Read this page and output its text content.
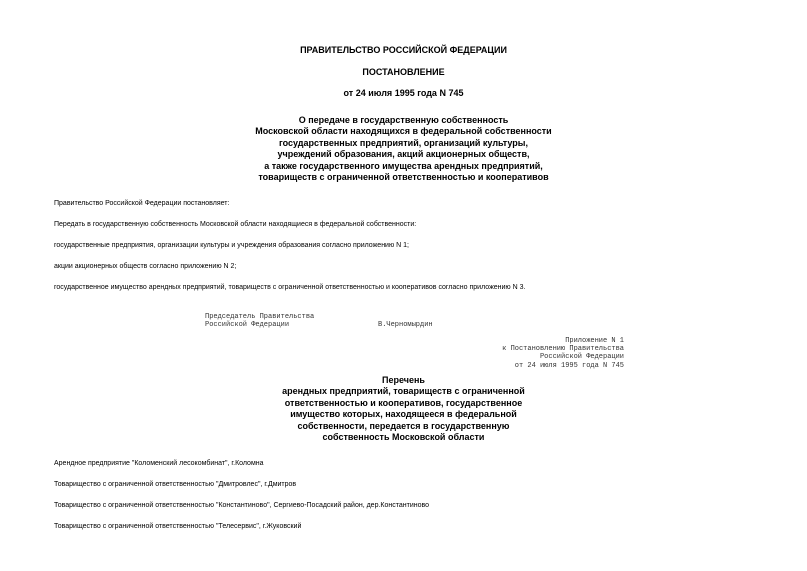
ПРАВИТЕЛЬСТВО РОССИЙСКОЙ ФЕДЕРАЦИИ
ПОСТАНОВЛЕНИЕ
от 24 июля 1995 года N 745
О передаче в государственную собственность
Московской области находящихся в федеральной собственности
государственных предприятий, организаций культуры,
учреждений образования, акций акционерных обществ,
а также государственного имущества арендных предприятий,
товариществ с ограниченной ответственностью и кооперативов
Правительство Российской Федерации постановляет:
Передать в государственную собственность Московской области находящиеся в федеральной собственности:
государственные предприятия, организации культуры и учреждения образования согласно приложению N 1;
акции акционерных обществ согласно приложению N 2;
государственное имущество арендных предприятий, товариществ с ограниченной ответственностью и кооперативов согласно приложению N 3.
Председатель Правительства
Российской Федерации	В.Черномырдин
Приложение N 1
к Постановлению Правительства
Российской Федерации
от 24 июля 1995 года N 745
Перечень
арендных предприятий, товариществ с ограниченной
ответственностью и кооперативов, государственное
имущество которых, находящееся в федеральной
собственности, передается в государственную
собственность Московской области
Арендное предприятие "Коломенский лесокомбинат", г.Коломна
Товарищество с ограниченной ответственностью "Дмитровлес", г.Дмитров
Товарищество с ограниченной ответственностью "Константиново", Сергиево-Посадский район, дер.Константиново
Товарищество с ограниченной ответственностью "Телесервис", г.Жуковский
